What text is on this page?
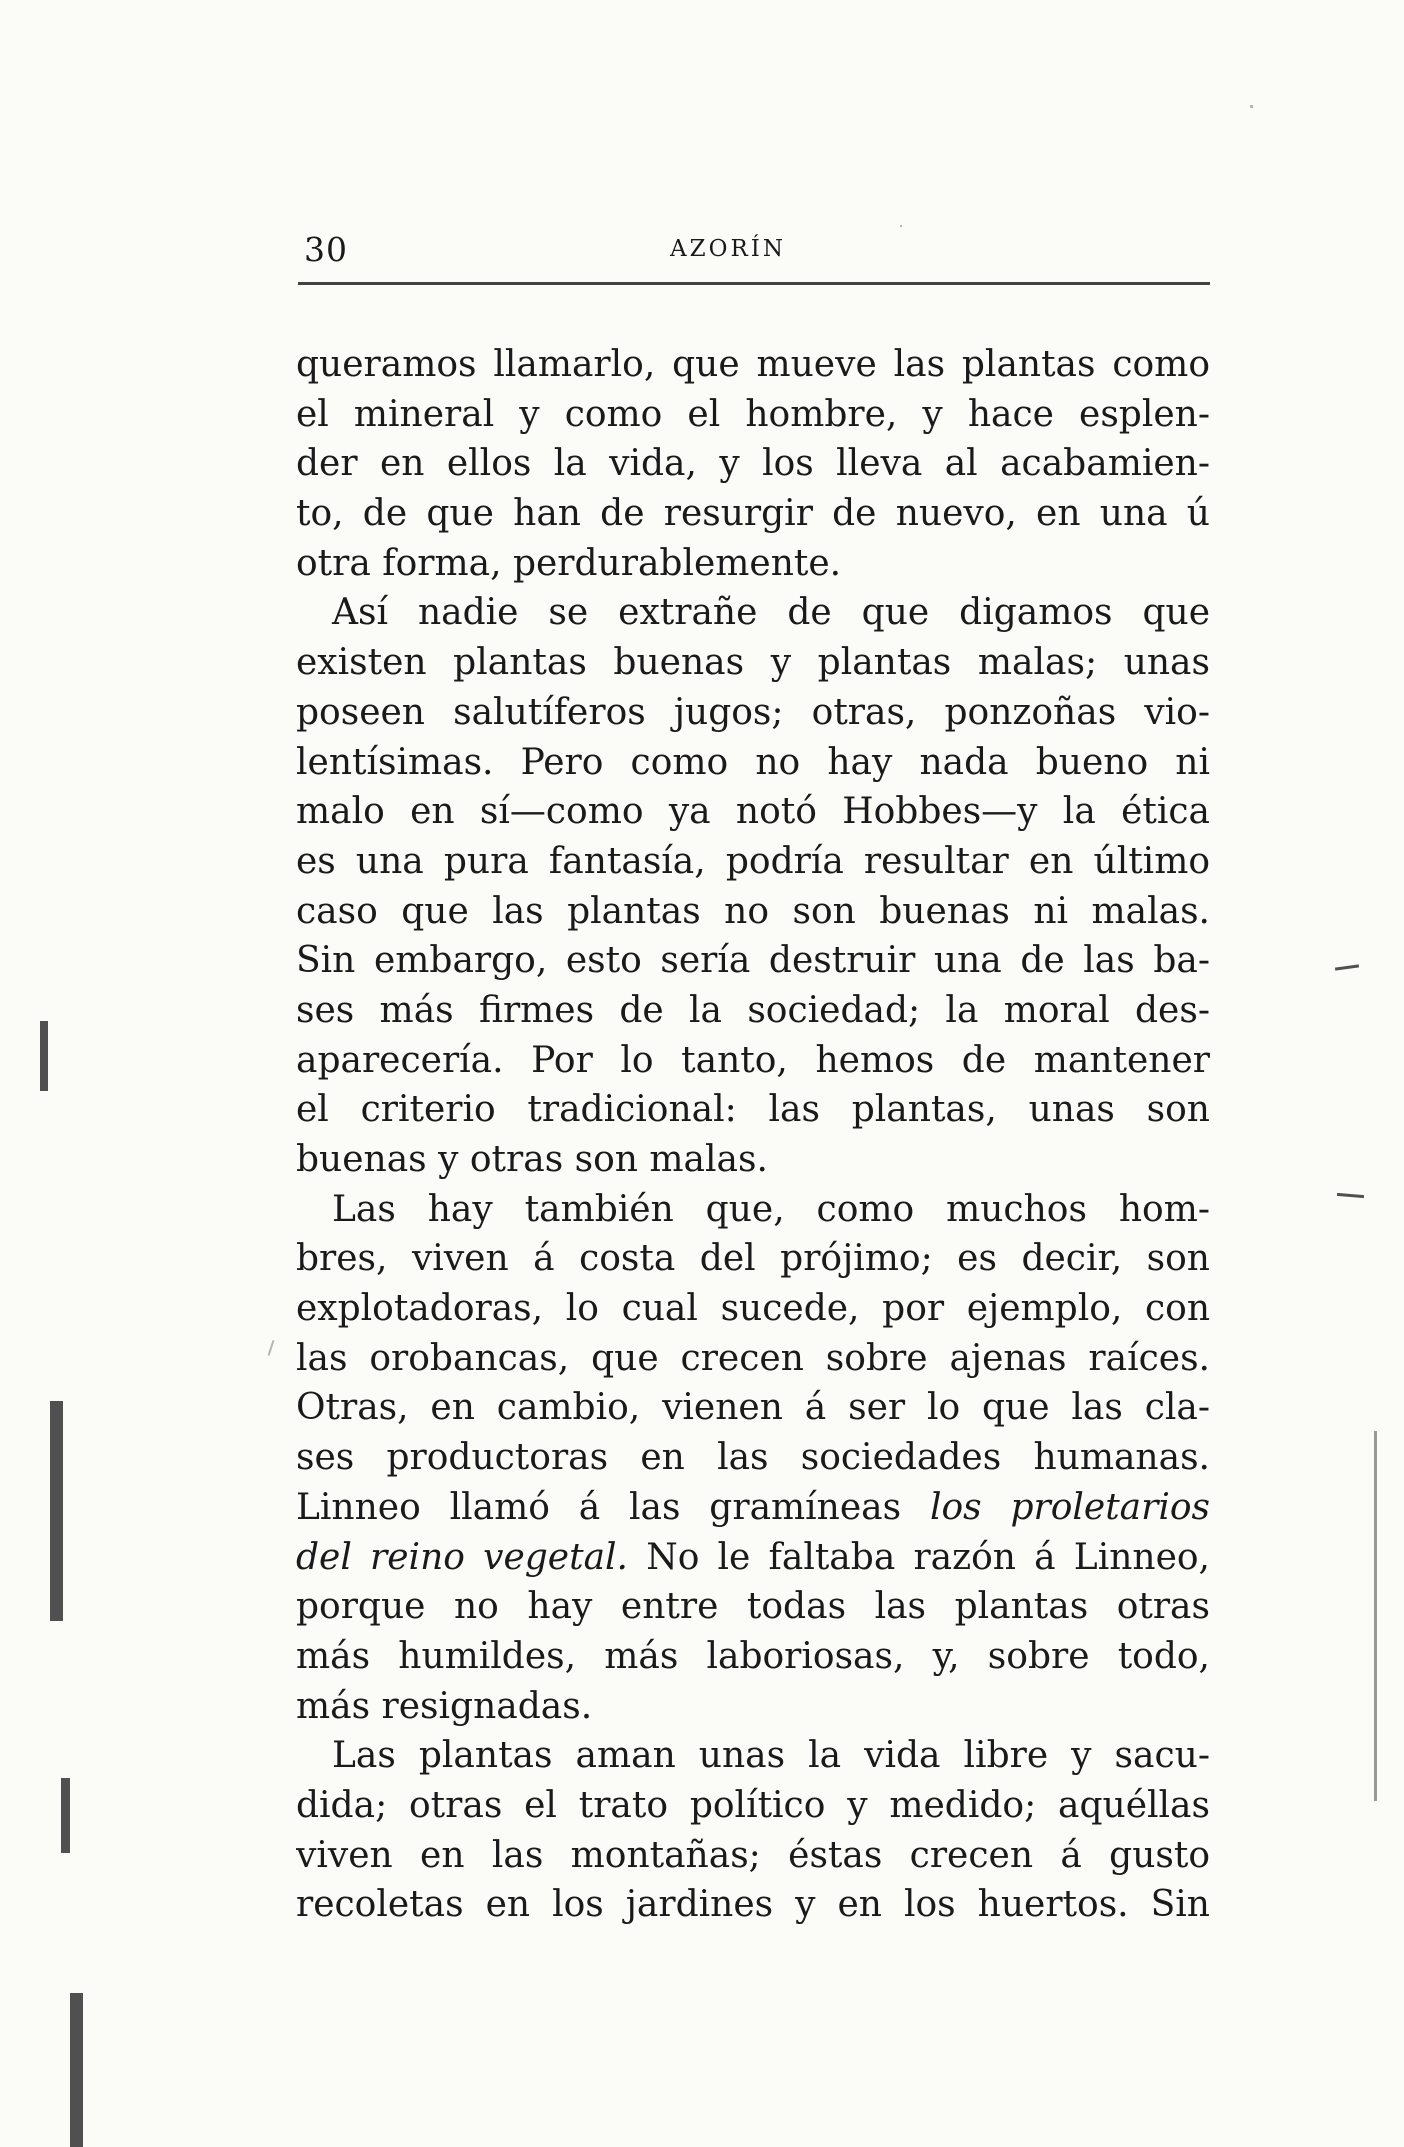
30	AZORÍN

queramos llamarlo, que mueve las plantas como
el mineral y como el hombre, y hace esplen-
der en ellos la vida, y los lleva al acabamien-
to, de que han de resurgir de nuevo, en una ú
otra forma, perdurablemente.

Así nadie se extrañe de que digamos que
existen plantas buenas y plantas malas; unas
poseen salutíferos jugos; otras, ponzoñas vio-
lentísimas. Pero como no hay nada bueno ni
malo en sí—como ya notó Hobbes—y la ética
es una pura fantasía, podría resultar en último
caso que las plantas no son buenas ni malas.
Sin embargo, esto sería destruir una de las ba-
ses más firmes de la sociedad; la moral des-
aparecería. Por lo tanto, hemos de mantener
el criterio tradicional: las plantas, unas son
buenas y otras son malas.

Las hay también que, como muchos hom-
bres, viven á costa del prójimo; es decir, son
explotadoras, lo cual sucede, por ejemplo, con
las orobancas, que crecen sobre ajenas raíces.
Otras, en cambio, vienen á ser lo que las cla-
ses productoras en las sociedades humanas.
Linneo llamó á las gramíneas los proletarios
del reino vegetal. No le faltaba razón á Linneo,
porque no hay entre todas las plantas otras
más humildes, más laboriosas, y, sobre todo,
más resignadas.

Las plantas aman unas la vida libre y sacu-
dida; otras el trato político y medido; aquéllas
viven en las montañas; éstas crecen á gusto
recoletas en los jardines y en los huertos. Sin
